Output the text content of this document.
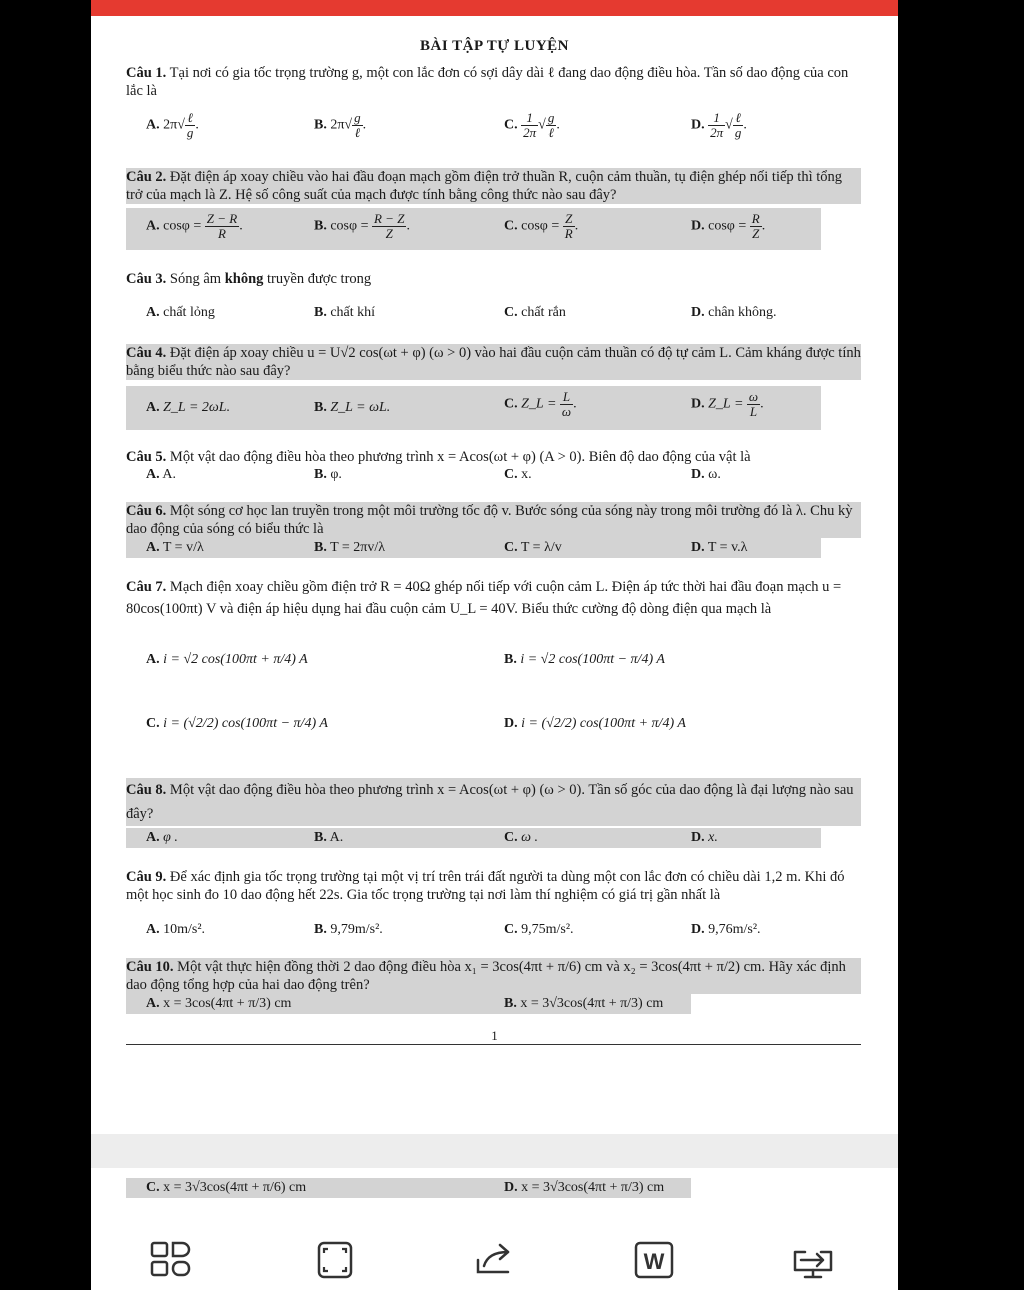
BÀI TẬP TỰ LUYỆN
Câu 1. Tại nơi có gia tốc trọng trường g, một con lắc đơn có sợi dây dài ℓ đang dao động điều hòa. Tần số dao động của con lắc là
A. $2\pi√ \frac{\text{ℓ}}{g}$ .	B. $2\pi√ \frac{g}{\text{ℓ}}$ .	C. $\frac{1}{2\pi}$ √ $\frac{g}{\text{ℓ}}$ .	D. $\frac{1}{2\pi}$ √ $\frac{\text{ℓ}}{g}$ .
Câu 2. Đặt điện áp xoay chiều vào hai đầu đoạn mạch gồm điện trở thuần R, cuộn cảm thuần, tụ điện ghép nối tiếp thì tổng trở của mạch là Z. Hệ số công suất của mạch được tính bằng công thức nào sau đây?
A. $\cos\varphi = \frac{Z - R}{R}$ .	B. $\cos\varphi = \frac{R - Z}{Z}$ .	C. $\cos\varphi = \frac{Z}{R}$ .	D. $\cos\varphi = \frac{R}{Z}$ .
Câu 3. Sóng âm không truyền được trong
A. chất lỏng	B. chất khí	C. chất rắn	D. chân không.
Câu 4. Đặt điện áp xoay chiều u = U√2 cos(ωt + φ) (ω > 0) vào hai đầu cuộn cảm thuần có độ tự cảm L. Cảm kháng được tính bằng biểu thức nào sau đây?
A. Z_L = 2ωL.	B. Z_L = ωL.	C. Z_L = $\frac{L}{\omega}$ .	D. Z_L = $\frac{\omega}{L}$ .
Câu 5. Một vật dao động điều hòa theo phương trình x = Acos(ωt + φ) (A > 0). Biên độ dao động của vật là
A. A.	B. φ.	C. x.	D. ω.
Câu 6. Một sóng cơ học lan truyền trong một môi trường tốc độ v. Bước sóng của sóng này trong môi trường đó là λ. Chu kỳ dao động của sóng có biểu thức là
A. T = v/λ	B. T = 2πv/λ	C. T = λ/v	D. T = v.λ
Câu 7. Mạch điện xoay chiều gồm điện trở R = 40Ω ghép nối tiếp với cuộn cảm L. Điện áp tức thời hai đầu đoạn mạch u = 80cos(100πt) V và điện áp hiệu dụng hai đầu cuộn cảm U_L = 40V. Biểu thức cường độ dòng điện qua mạch là
A. i = √2 cos(100πt + π/4) A	B. i = √2 cos(100πt − π/4) A
C. i = (√2/2) cos(100πt − π/4) A	D. i = (√2/2) cos(100πt + π/4) A
Câu 8. Một vật dao động điều hòa theo phương trình x = Acos(ωt + φ) (ω > 0). Tần số góc của dao động là đại lượng nào sau đây?
A. φ .	B. A.	C. ω .	D. x.
Câu 9. Để xác định gia tốc trọng trường tại một vị trí trên trái đất người ta dùng một con lắc đơn có chiều dài 1,2 m. Khi đó một học sinh đo 10 dao động hết 22s. Gia tốc trọng trường tại nơi làm thí nghiệm có giá trị gần nhất là
A. 10m/s².	B. 9,79m/s².	C. 9,75m/s².	D. 9,76m/s².
Câu 10. Một vật thực hiện đồng thời 2 dao động điều hòa x₁ = 3cos(4πt + π/6) cm và x₂ = 3cos(4πt + π/2) cm. Hãy xác định dao động tổng hợp của hai dao động trên?
A. x = 3cos(4πt + π/3) cm	B. x = 3√3cos(4πt + π/3) cm
1
C. x = 3√3cos(4πt + π/6) cm	D. x = 3√3cos(4πt + π/3) cm
W
